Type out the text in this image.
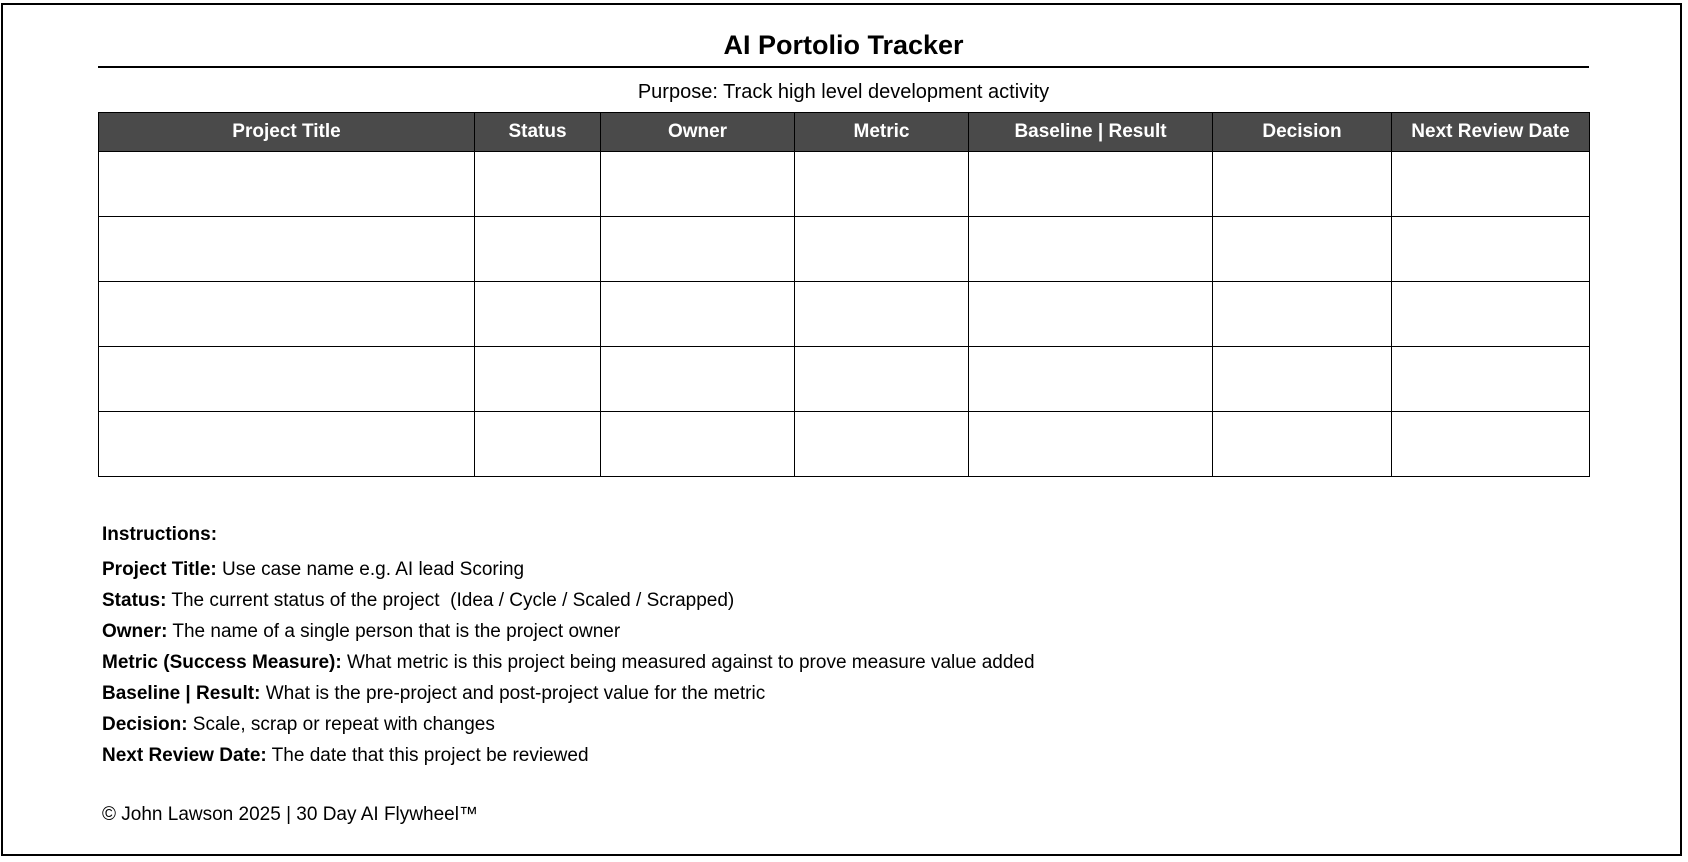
AI Portolio Tracker
Purpose: Track high level development activity
Project Title	Status	Owner	Metric	Baseline | Result	Decision	Next Review Date

Instructions:
Project Title: Use case name e.g. AI lead Scoring
Status: The current status of the project  (Idea / Cycle / Scaled / Scrapped)
Owner: The name of a single person that is the project owner
Metric (Success Measure): What metric is this project being measured against to prove measure value added
Baseline | Result: What is the pre-project and post-project value for the metric
Decision: Scale, scrap or repeat with changes
Next Review Date: The date that this project be reviewed
© John Lawson 2025 | 30 Day AI Flywheel™
